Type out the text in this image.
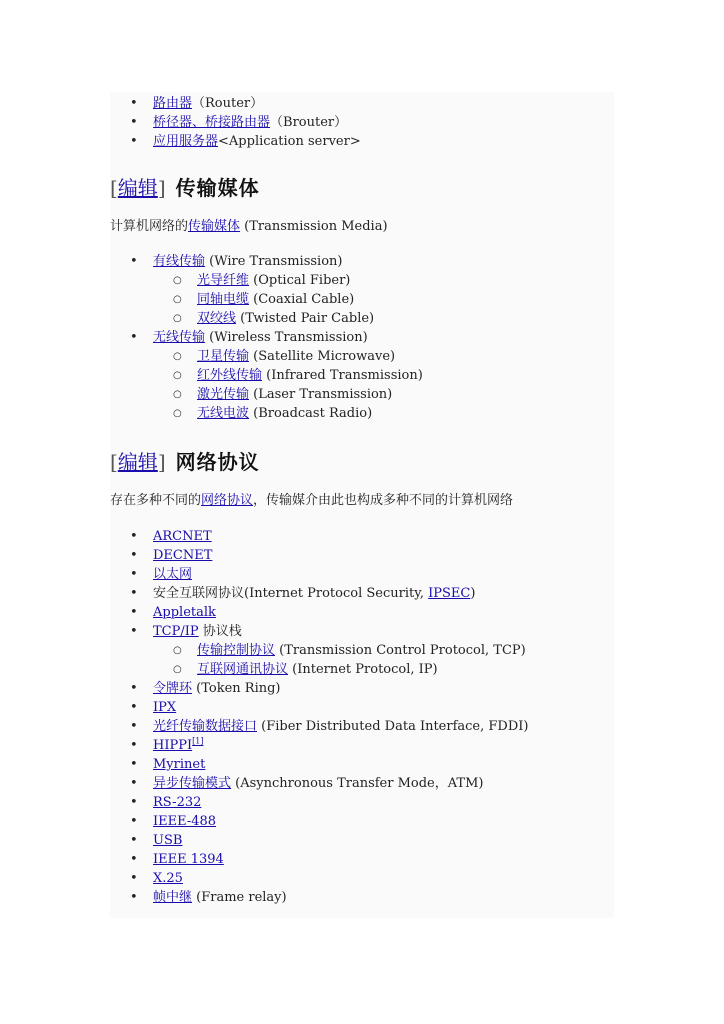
• 路由器（Router）
• 桥径器、桥接路由器（Brouter）
• 应用服务器<Application server>
[编辑] 传输媒体
计算机网络的传输媒体 (Transmission Media)
• 有线传输 (Wire Transmission)
○ 光导纤维 (Optical Fiber)
○ 同轴电缆 (Coaxial Cable)
○ 双绞线 (Twisted Pair Cable)
• 无线传输 (Wireless Transmission)
○ 卫星传输 (Satellite Microwave)
○ 红外线传输 (Infrared Transmission)
○ 激光传输 (Laser Transmission)
○ 无线电波 (Broadcast Radio)
[编辑] 网络协议
存在多种不同的网络协议，传输媒介由此也构成多种不同的计算机网络
• ARCNET
• DECNET
• 以太网
• 安全互联网协议(Internet Protocol Security, IPSEC)
• Appletalk
• TCP/IP 协议栈
○ 传输控制协议 (Transmission Control Protocol, TCP)
○ 互联网通讯协议 (Internet Protocol, IP)
• 令牌环 (Token Ring)
• IPX
• 光纤传输数据接口 (Fiber Distributed Data Interface, FDDI)
• HIPPI[1]
• Myrinet
• 异步传输模式 (Asynchronous Transfer Mode，ATM)
• RS-232
• IEEE-488
• USB
• IEEE 1394
• X.25
• 帧中继 (Frame relay)
